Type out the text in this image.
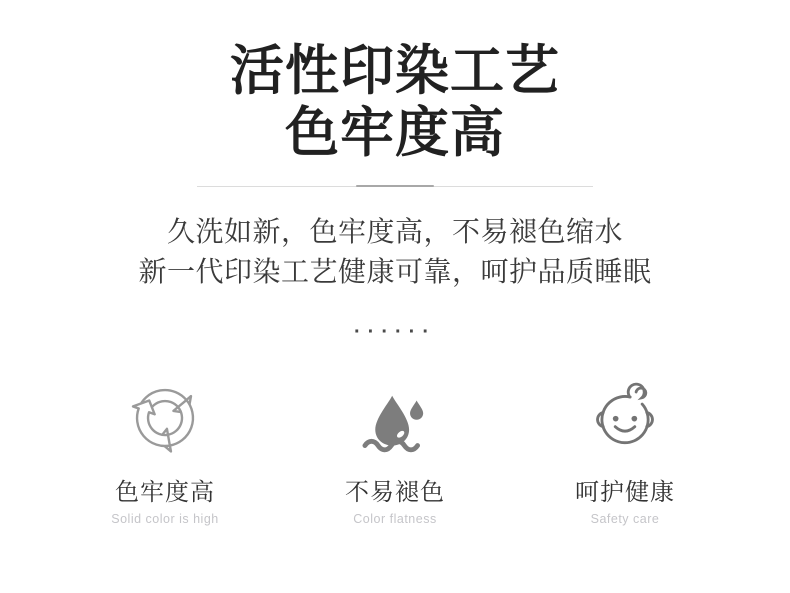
活性印染工艺
色牢度高
久洗如新，色牢度高，不易褪色缩水
新一代印染工艺健康可靠，呵护品质睡眠
······
色牢度高
Solid color is high
不易褪色
Color flatness
呵护健康
Safety care
